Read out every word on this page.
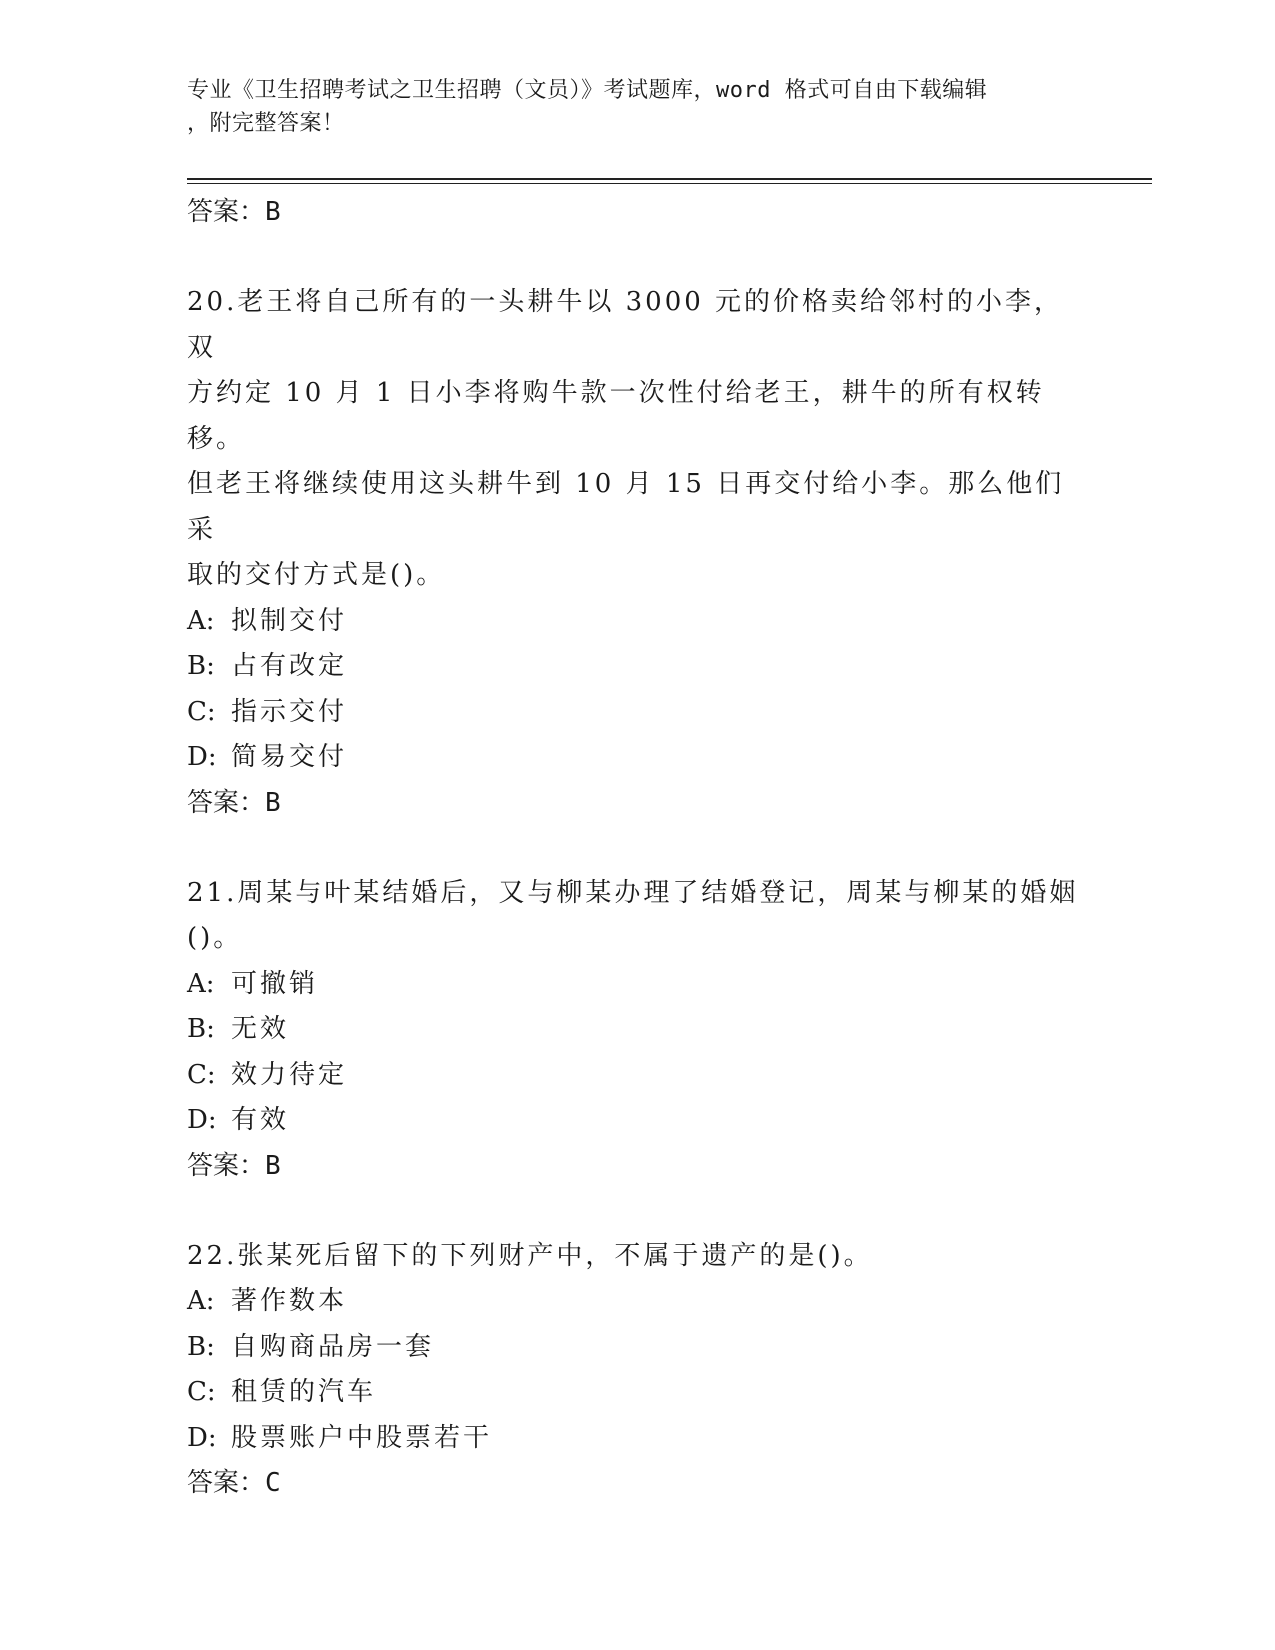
专业《卫生招聘考试之卫生招聘（文员）》考试题库，word 格式可自由下载编辑
，附完整答案！
答案：B
20.老王将自己所有的一头耕牛以 3000 元的价格卖给邻村的小李，双
方约定 10 月 1 日小李将购牛款一次性付给老王，耕牛的所有权转移。
但老王将继续使用这头耕牛到 10 月 15 日再交付给小李。那么他们采
取的交付方式是()。
A: 拟制交付
B: 占有改定
C: 指示交付
D: 简易交付
答案：B
21.周某与叶某结婚后，又与柳某办理了结婚登记，周某与柳某的婚姻
()。
A: 可撤销
B: 无效
C: 效力待定
D: 有效
答案：B
22.张某死后留下的下列财产中，不属于遗产的是()。
A: 著作数本
B: 自购商品房一套
C: 租赁的汽车
D: 股票账户中股票若干
答案：C
